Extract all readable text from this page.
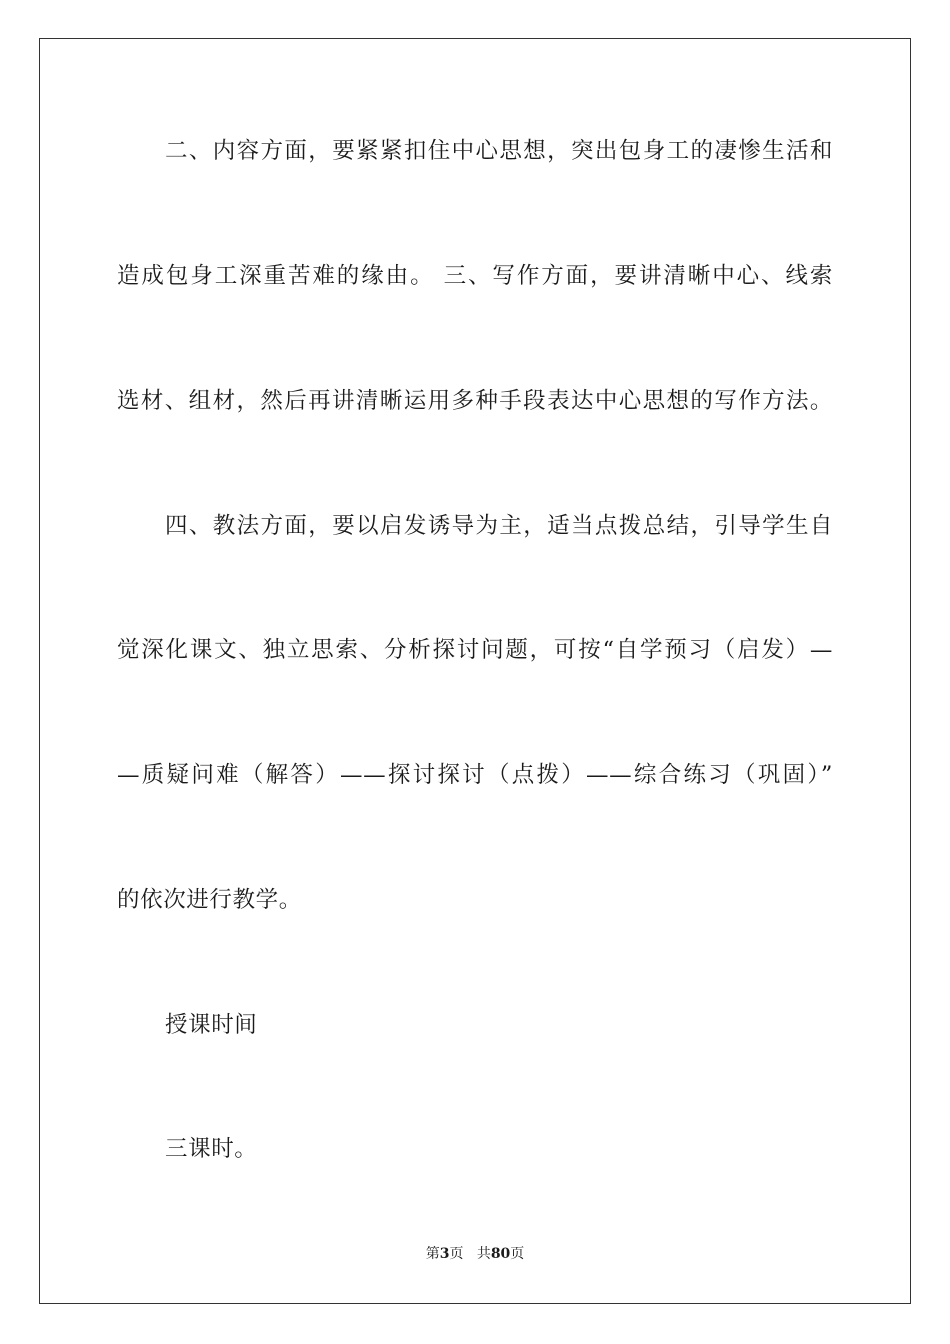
二、内容方面，要紧紧扣住中心思想，突出包身工的凄惨生活和
造成包身工深重苦难的缘由。 三、写作方面，要讲清晰中心、线索
选材、组材，然后再讲清晰运用多种手段表达中心思想的写作方法。
四、教法方面，要以启发诱导为主，适当点拨总结，引导学生自
觉深化课文、独立思索、分析探讨问题，可按“自学预习（启发）—
—质疑问难（解答）——探讨探讨（点拨）——综合练习（巩固）”
的依次进行教学。
授课时间
三课时。
第3页 共80页
